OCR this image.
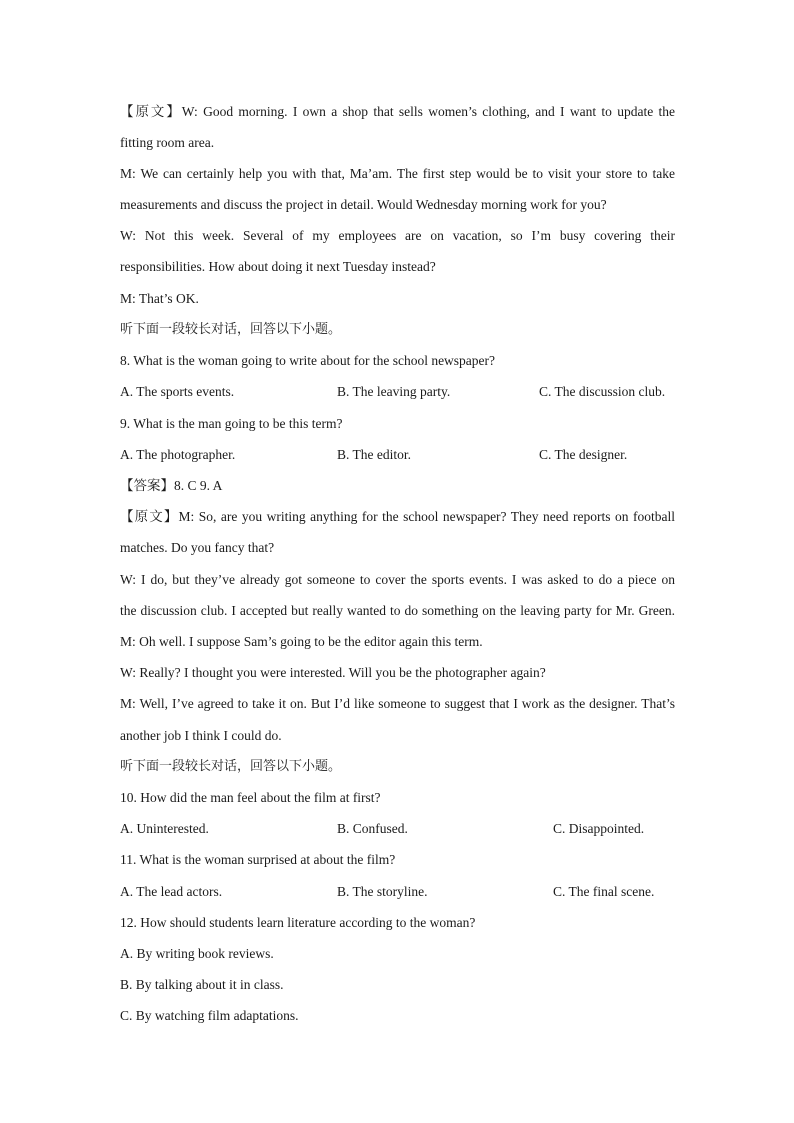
【原文】W: Good morning. I own a shop that sells women’s clothing, and I want to update the
fitting room area.
M: We can certainly help you with that, Ma’am. The first step would be to visit your store to take
measurements and discuss the project in detail. Would Wednesday morning work for you?
W: Not this week. Several of my employees are on vacation, so I’m busy covering their
responsibilities. How about doing it next Tuesday instead?
M: That’s OK.
听下面一段较长对话，回答以下小题。
8. What is the woman going to write about for the school newspaper?
A. The sports events.	B. The leaving party.	C. The discussion club.
9. What is the man going to be this term?
A. The photographer.	B. The editor.	C. The designer.
【答案】8. C 9. A
【原文】M: So, are you writing anything for the school newspaper? They need reports on football
matches. Do you fancy that?
W: I do, but they’ve already got someone to cover the sports events. I was asked to do a piece on
the discussion club. I accepted but really wanted to do something on the leaving party for Mr. Green.
M: Oh well. I suppose Sam’s going to be the editor again this term.
W: Really? I thought you were interested. Will you be the photographer again?
M: Well, I’ve agreed to take it on. But I’d like someone to suggest that I work as the designer. That’s
another job I think I could do.
听下面一段较长对话，回答以下小题。
10. How did the man feel about the film at first?
A. Uninterested.	B. Confused.	C. Disappointed.
11. What is the woman surprised at about the film?
A. The lead actors.	B. The storyline.	C. The final scene.
12. How should students learn literature according to the woman?
A. By writing book reviews.
B. By talking about it in class.
C. By watching film adaptations.
